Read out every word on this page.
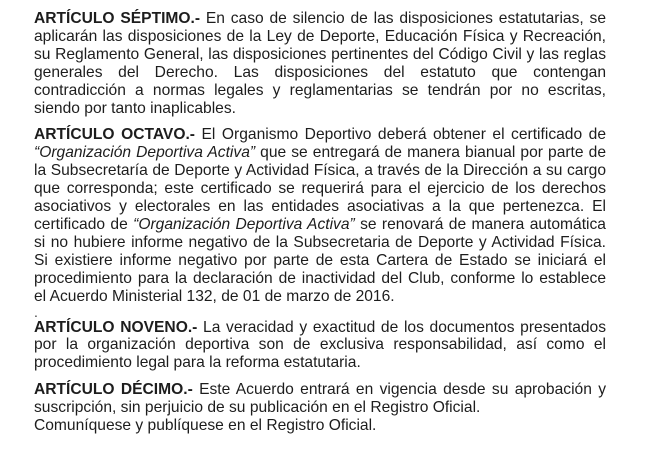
ARTÍCULO SÉPTIMO.- En caso de silencio de las disposiciones estatutarias, se aplicarán las disposiciones de la Ley de Deporte, Educación Física y Recreación, su Reglamento General, las disposiciones pertinentes del Código Civil y las reglas generales del Derecho. Las disposiciones del estatuto que contengan contradicción a normas legales y reglamentarias se tendrán por no escritas, siendo por tanto inaplicables.

ARTÍCULO OCTAVO.- El Organismo Deportivo deberá obtener el certificado de “Organización Deportiva Activa” que se entregará de manera bianual por parte de la Subsecretaría de Deporte y Actividad Física, a través de la Dirección a su cargo que corresponda; este certificado se requerirá para el ejercicio de los derechos asociativos y electorales en las entidades asociativas a la que pertenezca. El certificado de “Organización Deportiva Activa” se renovará de manera automática si no hubiere informe negativo de la Subsecretaria de Deporte y Actividad Física. Si existiere informe negativo por parte de esta Cartera de Estado se iniciará el procedimiento para la declaración de inactividad del Club, conforme lo establece el Acuerdo Ministerial 132, de 01 de marzo de 2016.

.

ARTÍCULO NOVENO.- La veracidad y exactitud de los documentos presentados por la organización deportiva son de exclusiva responsabilidad, así como el procedimiento legal para la reforma estatutaria.

ARTÍCULO DÉCIMO.- Este Acuerdo entrará en vigencia desde su aprobación y suscripción, sin perjuicio de su publicación en el Registro Oficial.

Comuníquese y publíquese en el Registro Oficial.
